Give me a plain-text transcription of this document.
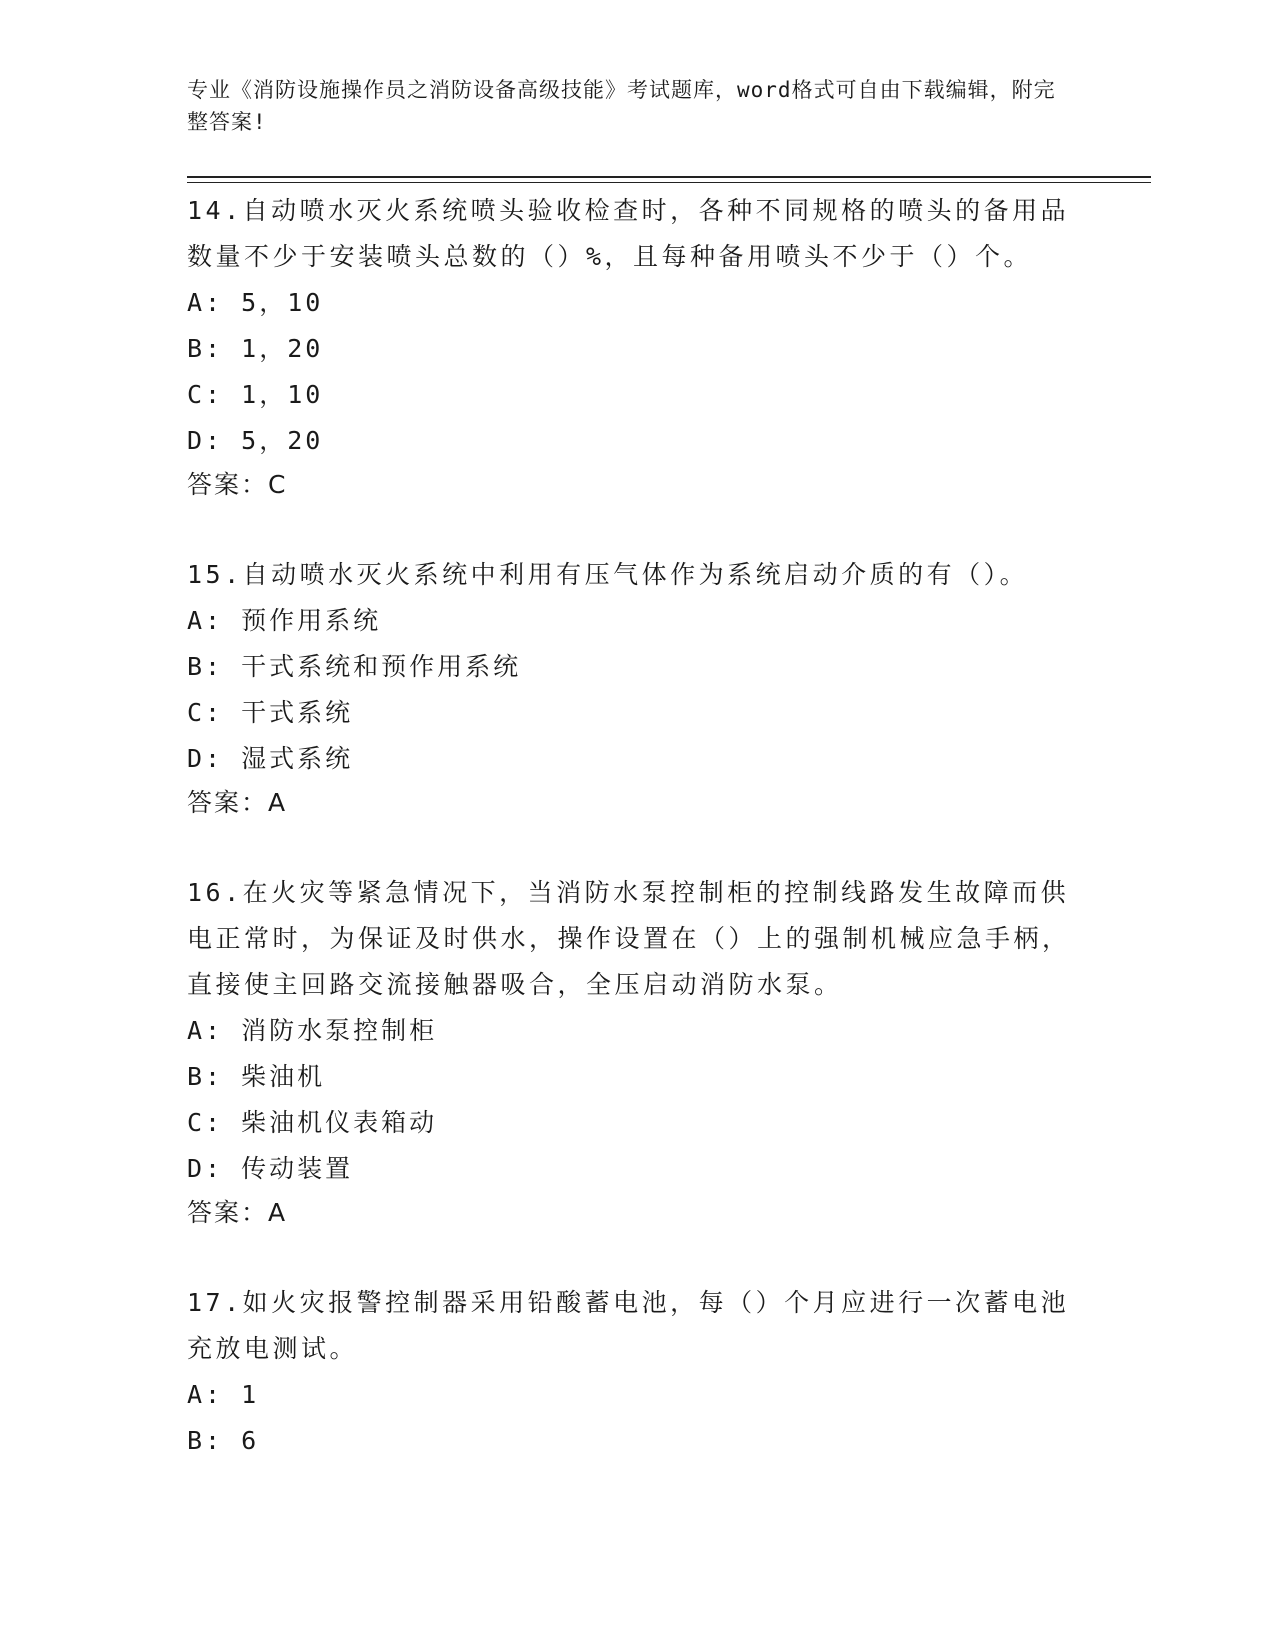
专业《消防设施操作员之消防设备高级技能》考试题库，word格式可自由下载编辑，附完整答案!
14.自动喷水灭火系统喷头验收检查时，各种不同规格的喷头的备用品数量不少于安装喷头总数的（）%，且每种备用喷头不少于（）个。
A: 5，10
B: 1，20
C: 1，10
D: 5，20
答案：C
15.自动喷水灭火系统中利用有压气体作为系统启动介质的有（）。
A: 预作用系统
B: 干式系统和预作用系统
C: 干式系统
D: 湿式系统
答案：A
16.在火灾等紧急情况下，当消防水泵控制柜的控制线路发生故障而供电正常时，为保证及时供水，操作设置在（）上的强制机械应急手柄，直接使主回路交流接触器吸合，全压启动消防水泵。
A: 消防水泵控制柜
B: 柴油机
C: 柴油机仪表箱动
D: 传动装置
答案：A
17.如火灾报警控制器采用铅酸蓄电池，每（）个月应进行一次蓄电池充放电测试。
A: 1
B: 6
